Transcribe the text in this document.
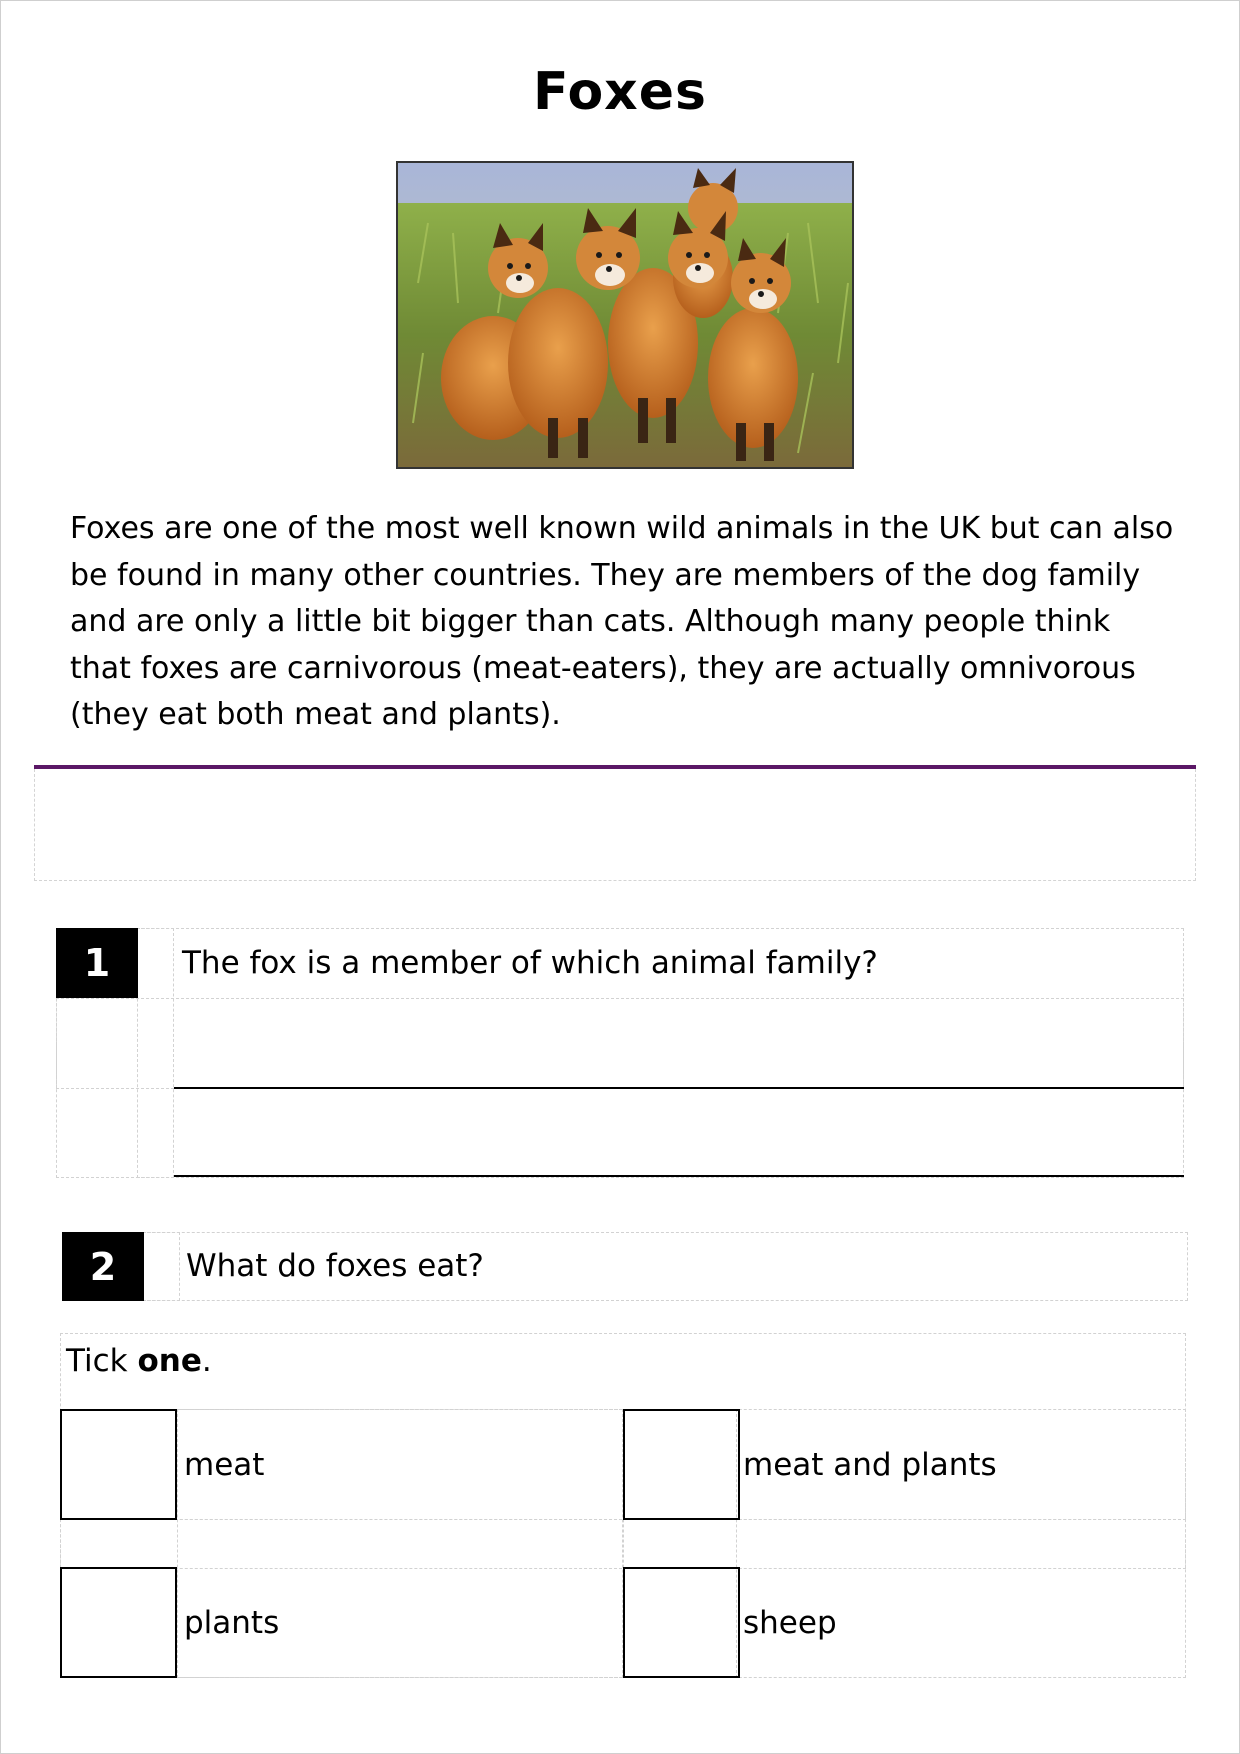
Foxes

Foxes are one of the most well known wild animals in the UK but can also be found in many other countries. They are members of the dog family and are only a little bit bigger than cats. Although many people think that foxes are carnivorous (meat-eaters), they are actually omnivorous (they eat both meat and plants).

1	The fox is a member of which animal family?
2	What do foxes eat?
Tick one.
meat	meat and plants
plants	sheep
